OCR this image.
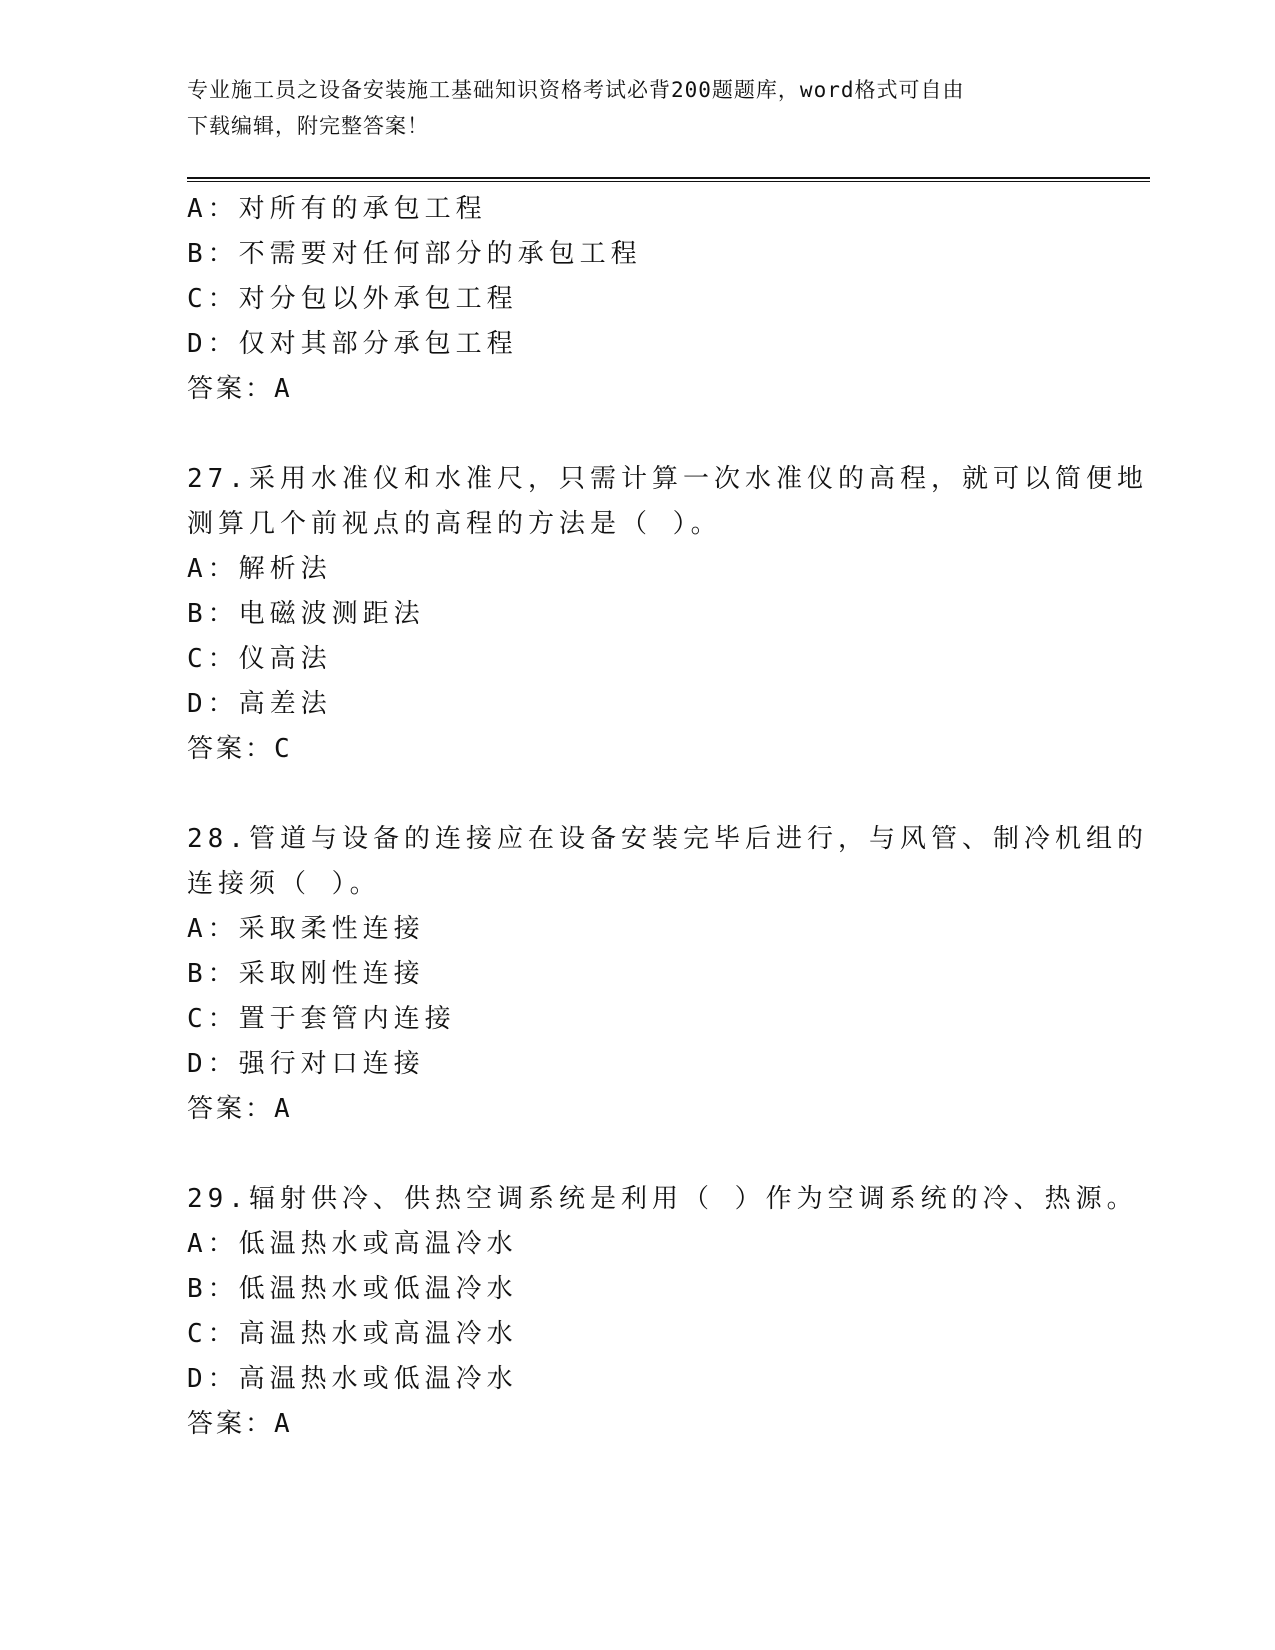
专业施工员之设备安装施工基础知识资格考试必背200题题库，word格式可自由
下载编辑，附完整答案！
A：对所有的承包工程
B：不需要对任何部分的承包工程
C：对分包以外承包工程
D：仅对其部分承包工程
答案：A
27.采用水准仪和水准尺，只需计算一次水准仪的高程，就可以简便地
测算几个前视点的高程的方法是（ ）。
A：解析法
B：电磁波测距法
C：仪高法
D：高差法
答案：C
28.管道与设备的连接应在设备安装完毕后进行，与风管、制冷机组的
连接须（ ）。
A：采取柔性连接
B：采取刚性连接
C：置于套管内连接
D：强行对口连接
答案：A
29.辐射供冷、供热空调系统是利用（ ）作为空调系统的冷、热源。
A：低温热水或高温冷水
B：低温热水或低温冷水
C：高温热水或高温冷水
D：高温热水或低温冷水
答案：A
